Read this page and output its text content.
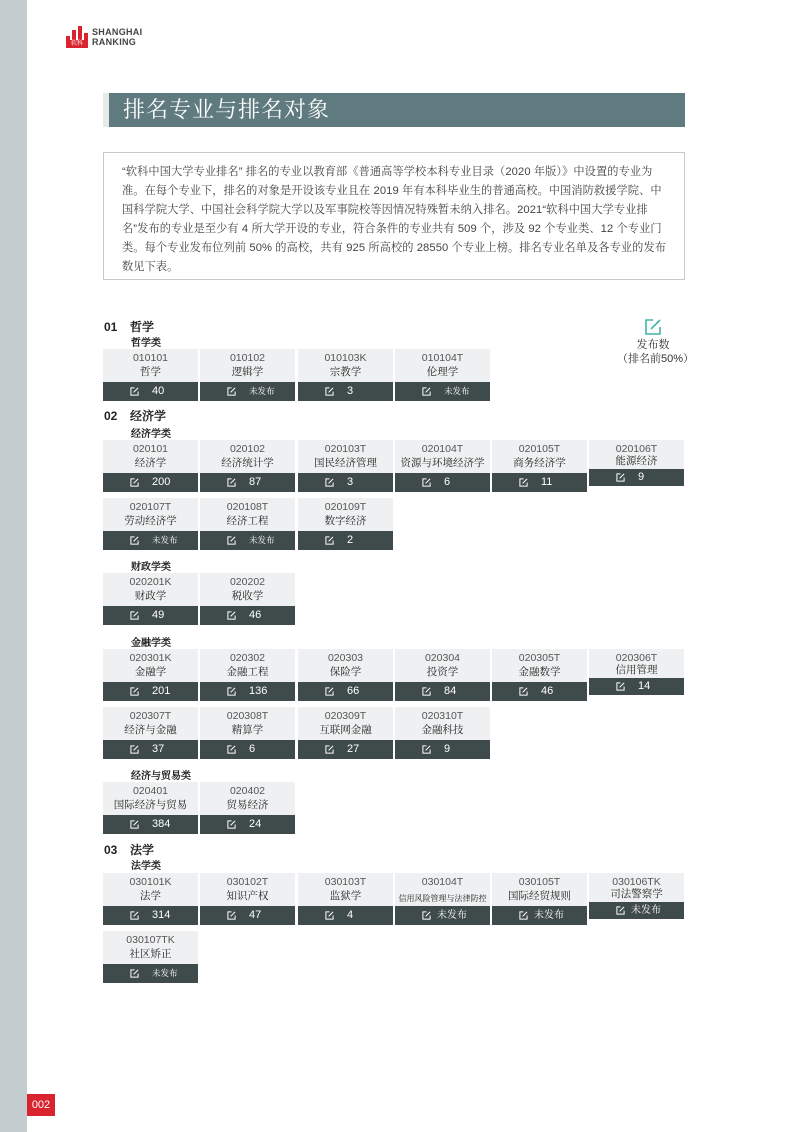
软科
SHANGHAI
RANKING
排名专业与排名对象
“软科中国大学专业排名” 排名的专业以教育部《普通高等学校本科专业目录（2020 年版）》中设置的专业为准。在每个专业下，排名的对象是开设该专业且在 2019 年有本科毕业生的普通高校。中国消防救援学院、中国科学院大学、中国社会科学院大学以及军事院校等因情况特殊暂未纳入排名。2021“软科中国大学专业排名”发布的专业是至少有 4 所大学开设的专业，符合条件的专业共有 509 个，涉及 92 个专业类、12 个专业门类。每个专业发布位列前 50% 的高校，共有 925 所高校的 28550 个专业上榜。排名专业名单及各专业的发布数见下表。
发布数
（排名前50%）
01 哲学
哲学类
02 经济学
经济学类
财政学类
金融学类
经济与贸易类
03 法学
法学类
010101
哲学
40
010102
逻辑学
未发布
010103K
宗教学
3
010104T
伦理学
未发布
020101
经济学
200
020102
经济统计学
87
020103T
国民经济管理
3
020104T
资源与环境经济学
6
020105T
商务经济学
11
020106T
能源经济
9
020107T
劳动经济学
未发布
020108T
经济工程
未发布
020109T
数字经济
2
020201K
财政学
49
020202
税收学
46
020301K
金融学
201
020302
金融工程
136
020303
保险学
66
020304
投资学
84
020305T
金融数学
46
020306T
信用管理
14
020307T
经济与金融
37
020308T
精算学
6
020309T
互联网金融
27
020310T
金融科技
9
020401
国际经济与贸易
384
020402
贸易经济
24
030101K
法学
314
030102T
知识产权
47
030103T
监狱学
4
030104T
信用风险管理与法律防控
未发布
030105T
国际经贸规则
未发布
030106TK
司法警察学
未发布
030107TK
社区矫正
未发布
002
